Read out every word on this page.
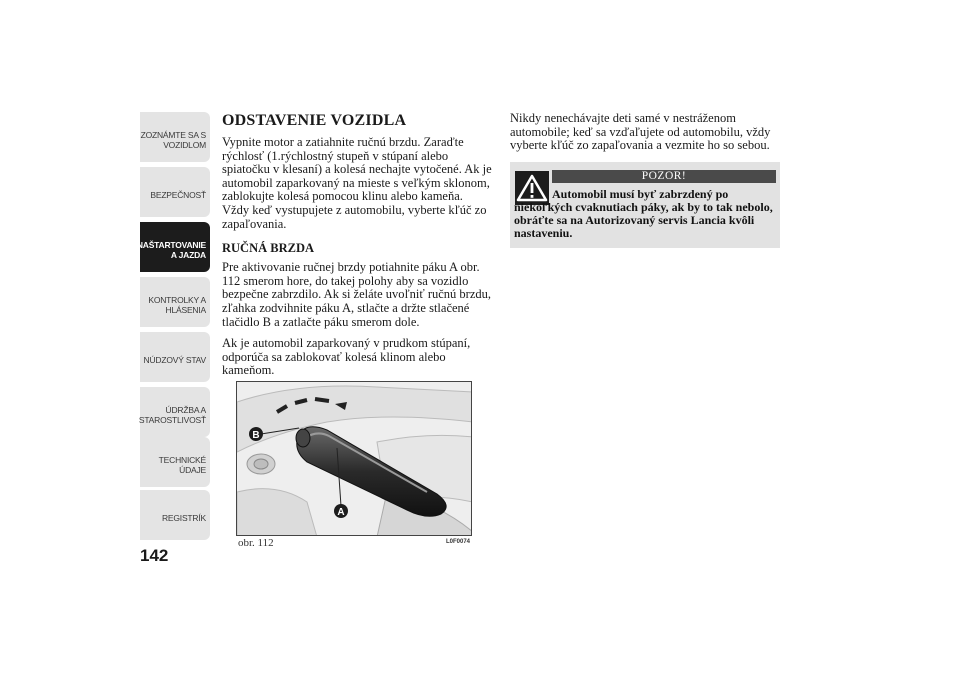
ZOZNÁMTE SA S
VOZIDLOM
BEZPEČNOSŤ
NAŠTARTOVANIE
A JAZDA
KONTROLKY A
HLÁSENIA
NÚDZOVÝ STAV
ÚDRŽBA A
STAROSTLIVOSŤ
TECHNICKÉ
ÚDAJE
REGISTRÍK
142
ODSTAVENIE VOZIDLA

Vypnite motor a zatiahnite ručnú brzdu. Zaraďte rýchlosť (1.rýchlostný stupeň v stúpaní alebo spiatočku v klesaní) a kolesá nechajte vytočené. Ak je automobil zaparkovaný na mieste s veľkým sklonom, zablokujte kolesá pomocou klinu alebo kameňa. Vždy keď vystupujete z automobilu, vyberte kľúč zo zapaľovania.

RUČNÁ BRZDA

Pre aktivovanie ručnej brzdy potiahnite páku A obr. 112 smerom hore, do takej polohy aby sa vozidlo bezpečne zabrzdilo. Ak si želáte uvoľniť ručnú brzdu, zľahka zodvihnite páku A, stlačte a držte stlačené tlačidlo B a zatlačte páku smerom dole.

Ak je automobil zaparkovaný v prudkom stúpaní, odporúča sa zablokovať kolesá klinom alebo kameňom.

B
A
obr. 112	L0F0074

Nikdy nenechávajte deti samé v nestráženom automobile; keď sa vzďaľujete od automobilu, vždy vyberte kľúč zo zapaľovania a vezmite ho so sebou.

POZOR!
Automobil musí byť zabrzdený po niekoľkých cvaknutiach páky, ak by to tak nebolo, obráťte sa na Autorizovaný servis Lancia kvôli nastaveniu.
